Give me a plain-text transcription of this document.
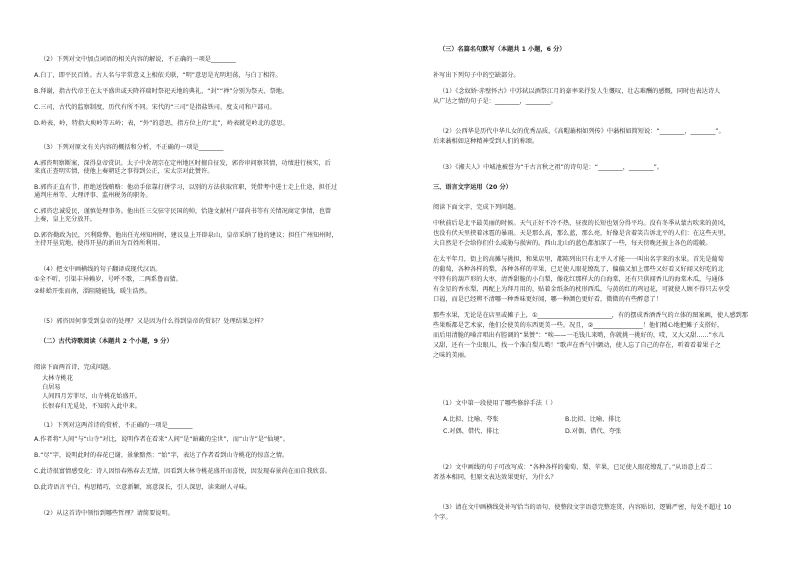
（2）下列对文中加点词语的相关内容的解说，不正确的一项是________
A.白丁，即平民百姓。古人名与字常意义上相依关联，“明”意思是光明坦荡，与白丁相符。
B.拜谢，指古代帝王在太平盛世或天降祥瑞时祭祀天地的典礼，“封”“禅”分别为祭天、祭地。
C.三司，古代的监察制度，历代有所不同。宋代的“三司”是指盐铁司、度支司和户部司。
D.岭表，岭，特指大庾岭等五岭；表，“外”的意思，指方位上的“北”，岭表就是岭北的意思。
（3）下列对原文有关内容的概括和分析，不正确的一项是________
A.郭咨明察断案，深得皇帝赏识。太子中舍胡宗在定州地区时擅自征发，郭咨审问察其情，功绩进行核实，后
来真正查明实情，使他上奏朝廷之事得到公正，宋太宗对此赞许。
B.郭咨正直有节，拒绝送钱贿赂：他动手依靠打拼学习，以别的方法获取官职，凭借考中进士走上仕途，担任过
通判庄州等、大理评事、监州税务的职务。
C.郭咨忠诚爱民，谨慎处理事务。他出任三交驻守民国的帅，恰逢文献村户部尚书等有关情况商定事情，也曾
上奏，皇上充分放开。
D.郭咨勤政为民，兴利除弊。他出任光州知州时，建议皇上开辟泉山，皇帝采纳了他的建议；担任广州知州时，
主持开垦荒地，使得开垦的新田为百姓所利用。
（4）把文中画横线的句子翻译成现代汉语。
①全不听，引渠丰异赖岁，号呼不歌，二两系鲁而猜。
②蚌蛤开张而南，淄阻随能钱，暖生浩然。
（5）郭咨因何事受到皇帝的处理？又是因为什么得到皇帝的赏识？处理结果怎样？
（二）古代诗歌阅读（本题共 2 个小题，9 分）
阅读下面两首诗，完成问题。
大林寺桃花
白居易
人间四月芳菲尽，山寺桃花始盛开。
长恨春归无觅处，不知转入此中来。
（1）下列对这两首诗的赏析，不正确的一项是________
A.作者将“人间”与“山寺”对比，说明作者在看来“人间”是“暗藏的尘世”，而“山寺”是“仙境”。
B.“尽”字，说明此时的春花已谢，景象黯然：“始”字，表达了作者看到山寺桃花的惊喜之情。
C.此诗很富情感变化：诗人因悟春熟春去无情，因看到大林寺桃花盛开而喜悦，因发现春景尚在而自我欣喜。
D.此诗语言平白，构思精巧，立意新颖，寓意深长，引人深思，读来耐人寻味。
（2）从这首诗中领悟到哪些哲理？请简要说明。
（三）名篇名句默写（本题共 1 小题，6 分）
补写出下列句子中的空缺部分。
（1）《念奴娇·赤壁怀古》中苏轼以酒祭江月的豪率来抒发人生慨叹，壮志难酬的感慨，同时也表达诗人
从广达之情的句子是：________，________。
（2）公西华是历代中华儿女的优秀品质，《高帽蓊相如列传》中蓊相如简短说：“________，________”。
后来蓊相如这种精神受到人们的称颂。
（3）《湘夫人》中城池被誉为“千古言秋之祖”的诗句是：“________，________”。
三、语言文字运用（20 分）
阅读下面文字，完成下列问题。
中秋前后是北平最美丽的时候。天气正好不冷不热，昼夜的长短也划分得平均。没有冬季从蒙古吹来的黄风，
也没有伏天里挟着冰雹的暴雨。天是那么高，那么蓝，那么亮，好像是含着笑告诉北平的人们：在这些天里，
大自然是不会给你们什么威胁与损害的。西山北山的蓝色都加深了一些，每天傍晚还披上各色的霞帔。
在太平年月，街上的高摊与挑担，和果店里，都陈列出只有北平人才能一一叫出名字来的水果。首先是葡萄
的葡萄，各种各样的梨，各种各样的苹果，已足使人眼花缭乱了，偏偏又加上那些又好看又好闻又好吃的北
平特有的葫芦形的大枣，清香甜脆的小白梨，像花红那样大的白海棠，还有只供闻香儿的海棠木瓜，与通体
有金星的香水梨，再配上为拜月用的，贴着金纸条的枕形西瓜，与黄的红的鸡冠花，可就使人顾不得只去享受
口福，而是已经辨不清哪一种香味更好闻，哪一种颜色更好看，微微的有些醉意了！
那些水果，无论是在店里或摊子上，①________________________，有的摆成香酒香气的立体的图案画，使人感到那
些果贩都是艺术家，他们会使美的东西更美一些。况且，②________________！他们精心地把摊子支搭好，
而后用清脆的嗓音唱出有腔调的“果赞”：“唉——一毛钱儿来哟，你就挑一挑好的，哎，又大又甜……”水儿
又甜，还有一个虫眼儿，找一个准白梨儿哟！”歌声在香气中颤动，使人忘了自己的存在，听着看着果子之
之味的美丽。
（1）文中第一段使用了哪些修辞手法（ ）
A.比拟、比喻、夸张	B.比拟、比喻、排比
C.对偶、借代、排比	D.对偶、借代、夸张
（2）文中画线的句子可改写成：“各种各样的葡萄、梨、苹果，已足使人眼花缭乱了。”从语意上看二
者基本相同，但原文表达效果更好，为什么？
（3）请在文中画横线处补写恰当的语句，使整段文字语意完整连贯，内容贴切，逻辑严密，每处不超过 10
个字。
